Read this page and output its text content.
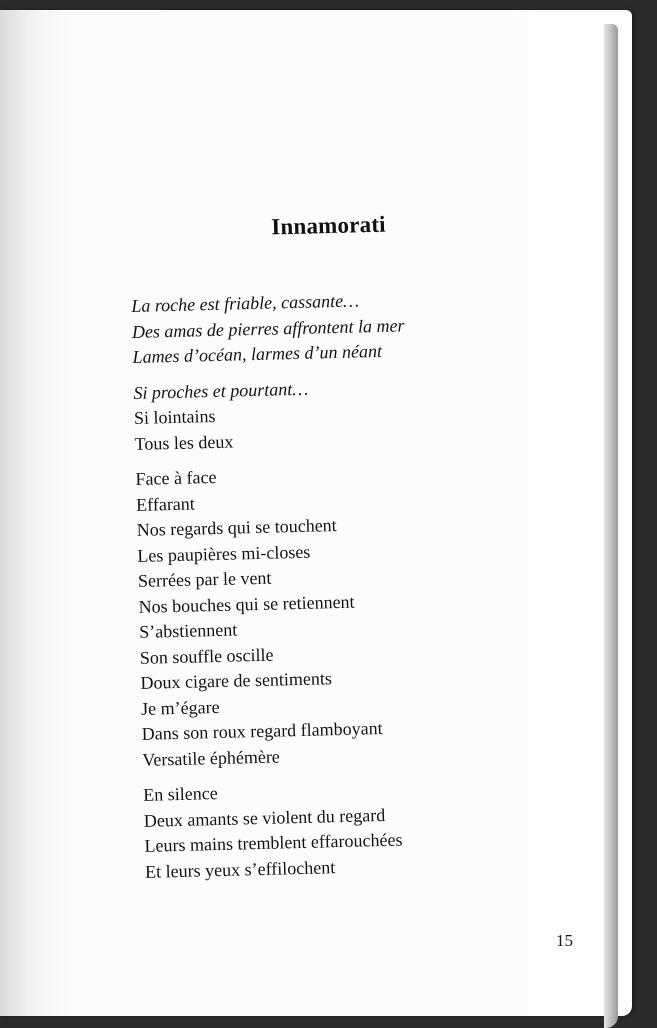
Innamorati
La roche est friable, cassante…
Des amas de pierres affrontent la mer
Lames d’océan, larmes d’un néant
Si proches et pourtant…
Si lointains
Tous les deux
Face à face
Effarant
Nos regards qui se touchent
Les paupières mi-closes
Serrées par le vent
Nos bouches qui se retiennent
S’abstiennent
Son souffle oscille
Doux cigare de sentiments
Je m’égare
Dans son roux regard flamboyant
Versatile éphémère
En silence
Deux amants se violent du regard
Leurs mains tremblent effarouchées
Et leurs yeux s’effilochent
15
